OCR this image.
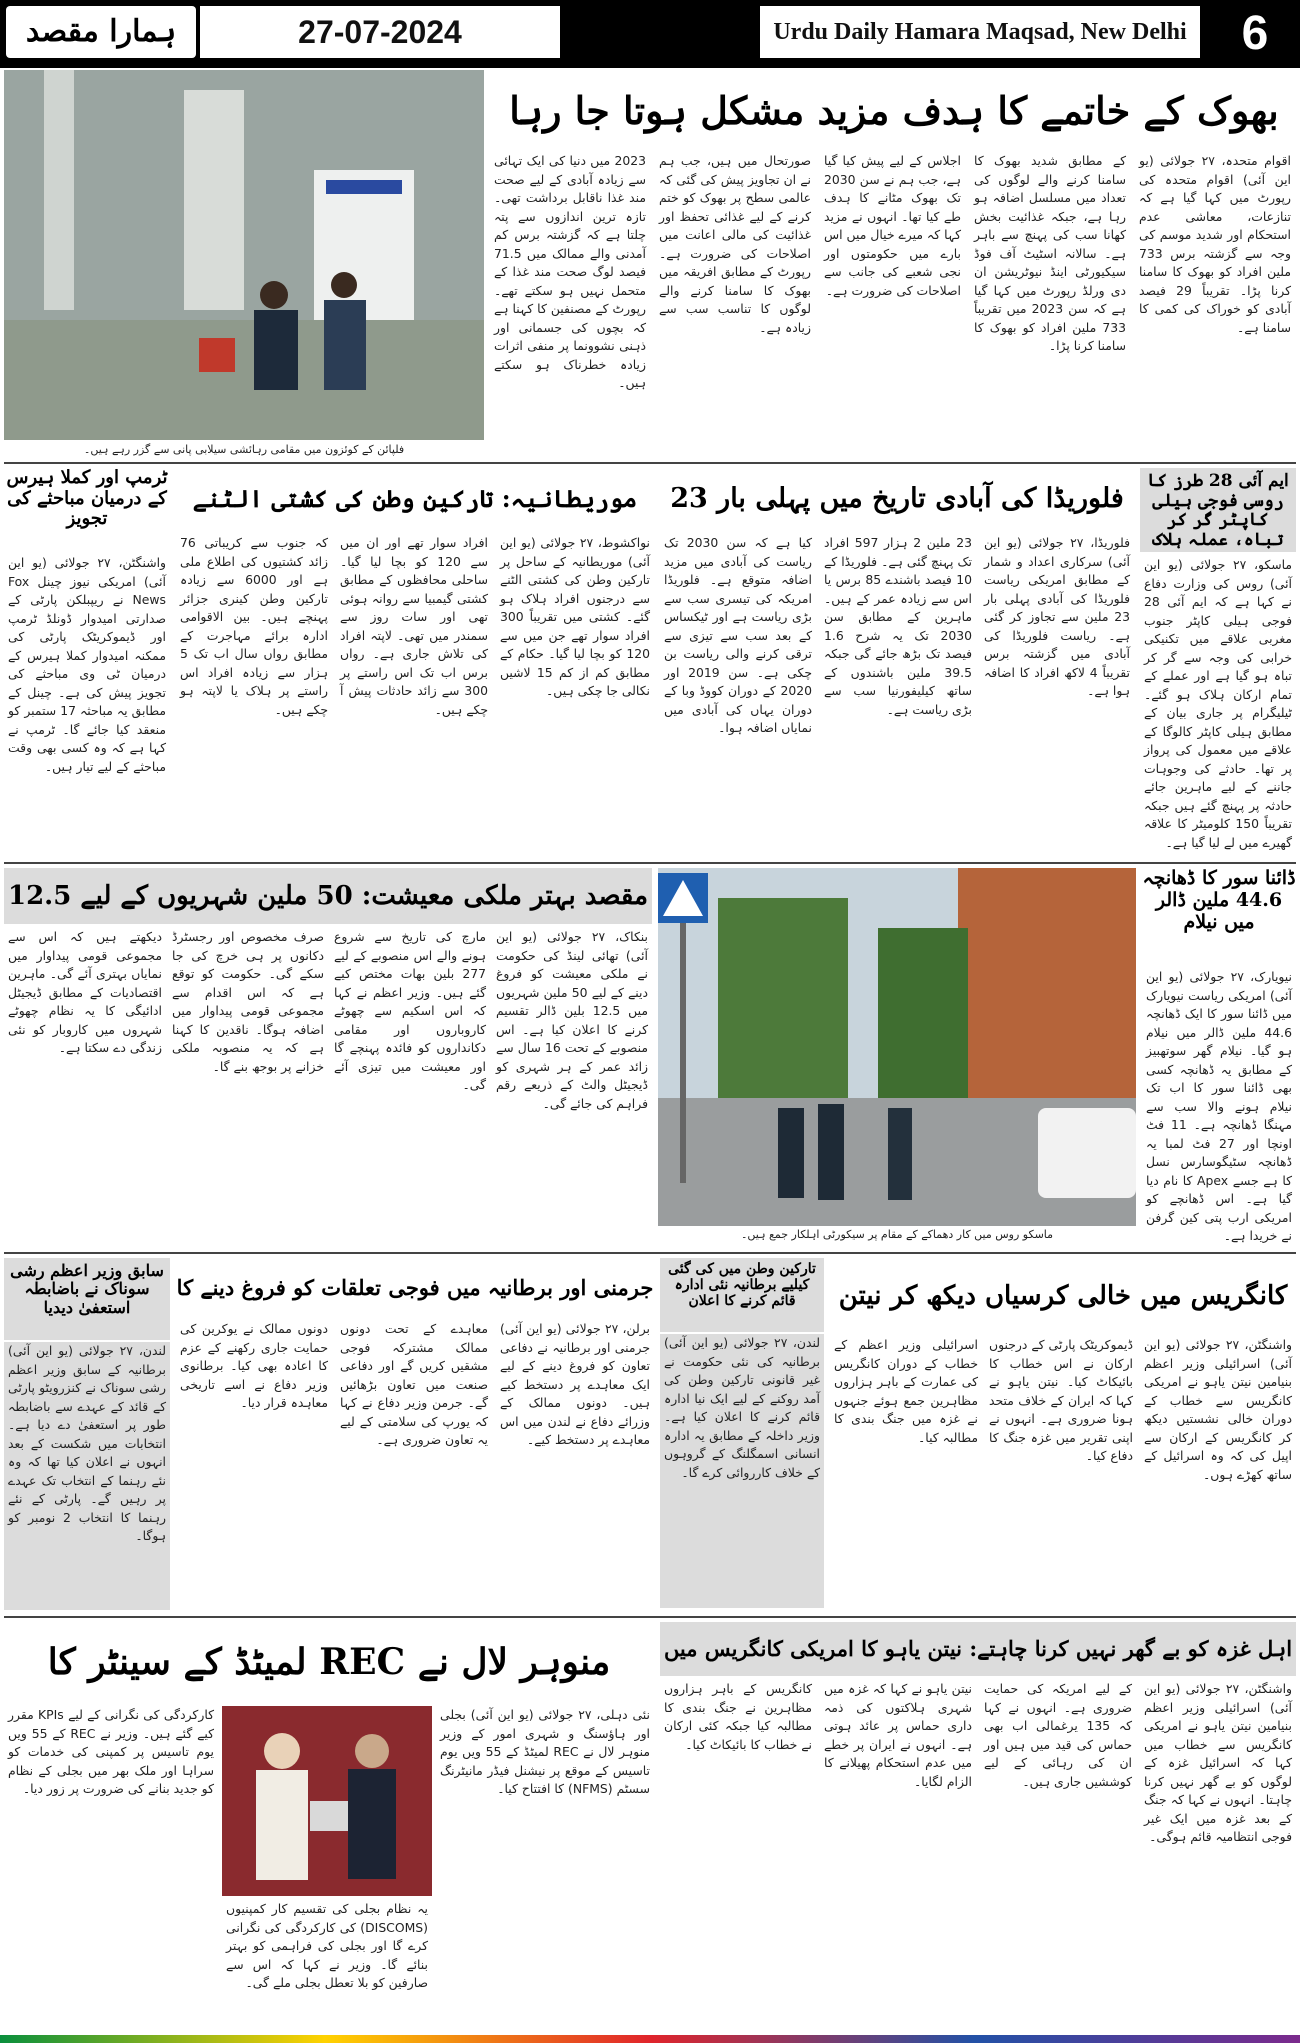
ہمارا مقصد	27-07-2024	Urdu Daily Hamara Maqsad, New Delhi	6
فلپائن کے کوئزون میں مقامی رہائشی سیلابی پانی سے گزر رہے ہیں۔
بھوک کے خاتمے کا ہدف مزید مشکل ہوتا جا رہا
اقوام متحدہ، ۲۷ جولائی (یو این آئی) اقوام متحدہ کی رپورٹ میں کہا گیا ہے کہ تنازعات، معاشی عدم استحکام اور شدید موسم کی وجہ سے گزشتہ برس 733 ملین افراد کو بھوک کا سامنا کرنا پڑا۔ تقریباً 29 فیصد آبادی کو خوراک کی کمی کا سامنا ہے۔
کے مطابق شدید بھوک کا سامنا کرنے والے لوگوں کی تعداد میں مسلسل اضافہ ہو رہا ہے، جبکہ غذائیت بخش کھانا سب کی پہنچ سے باہر ہے۔ سالانہ اسٹیٹ آف فوڈ سیکیورٹی اینڈ نیوٹریشن ان دی ورلڈ رپورٹ میں کہا گیا ہے کہ سن 2023 میں تقریباً 733 ملین افراد کو بھوک کا سامنا کرنا پڑا۔
اجلاس کے لیے پیش کیا گیا ہے، جب ہم نے سن 2030 تک بھوک مٹانے کا ہدف طے کیا تھا۔ انہوں نے مزید کہا کہ میرے خیال میں اس بارے میں حکومتوں اور نجی شعبے کی جانب سے اصلاحات کی ضرورت ہے۔
صورتحال میں ہیں، جب ہم نے ان تجاویز پیش کی گئی کہ عالمی سطح پر بھوک کو ختم کرنے کے لیے غذائی تحفظ اور غذائیت کی مالی اعانت میں اصلاحات کی ضرورت ہے۔ رپورٹ کے مطابق افریقہ میں بھوک کا سامنا کرنے والے لوگوں کا تناسب سب سے زیادہ ہے۔
2023 میں دنیا کی ایک تہائی سے زیادہ آبادی کے لیے صحت مند غذا ناقابل برداشت تھی۔ تازہ ترین اندازوں سے پتہ چلتا ہے کہ گزشتہ برس کم آمدنی والے ممالک میں 71.5 فیصد لوگ صحت مند غذا کے متحمل نہیں ہو سکتے تھے۔ رپورٹ کے مصنفین کا کہنا ہے کہ بچوں کی جسمانی اور ذہنی نشوونما پر منفی اثرات زیادہ خطرناک ہو سکتے ہیں۔
ایم آئی 28 طرز کا روسی فوجی ہیلی کاپٹر گر کر تباہ، عملہ ہلاک
ماسکو، ۲۷ جولائی (یو این آئی) روس کی وزارت دفاع نے کہا ہے کہ ایم آئی 28 فوجی ہیلی کاپٹر جنوب مغربی علاقے میں تکنیکی خرابی کی وجہ سے گر کر تباہ ہو گیا ہے اور عملے کے تمام ارکان ہلاک ہو گئے۔ ٹیلیگرام پر جاری بیان کے مطابق ہیلی کاپٹر کالوگا کے علاقے میں معمول کی پرواز پر تھا۔ حادثے کی وجوہات جاننے کے لیے ماہرین جائے حادثہ پر پہنچ گئے ہیں جبکہ تقریباً 150 کلومیٹر کا علاقہ گھیرے میں لے لیا گیا ہے۔
فلوریڈا کی آبادی تاریخ میں پہلی بار 23
فلوریڈا، ۲۷ جولائی (یو این آئی) سرکاری اعداد و شمار کے مطابق امریکی ریاست فلوریڈا کی آبادی پہلی بار 23 ملین سے تجاوز کر گئی ہے۔ ریاست فلوریڈا کی آبادی میں گزشتہ برس تقریباً 4 لاکھ افراد کا اضافہ ہوا ہے۔
23 ملین 2 ہزار 597 افراد تک پہنچ گئی ہے۔ فلوریڈا کے 10 فیصد باشندے 85 برس یا اس سے زیادہ عمر کے ہیں۔ ماہرین کے مطابق سن 2030 تک یہ شرح 1.6 فیصد تک بڑھ جائے گی جبکہ 39.5 ملین باشندوں کے ساتھ کیلیفورنیا سب سے بڑی ریاست ہے۔
کیا ہے کہ سن 2030 تک ریاست کی آبادی میں مزید اضافہ متوقع ہے۔ فلوریڈا امریکہ کی تیسری سب سے بڑی ریاست ہے اور ٹیکساس کے بعد سب سے تیزی سے ترقی کرنے والی ریاست بن چکی ہے۔ سن 2019 اور 2020 کے دوران کووڈ وبا کے دوران یہاں کی آبادی میں نمایاں اضافہ ہوا۔
موریطانیہ: تارکین وطن کی کشتی الٹنے
نواکشوط، ۲۷ جولائی (یو این آئی) موریطانیہ کے ساحل پر تارکین وطن کی کشتی الٹنے سے درجنوں افراد ہلاک ہو گئے۔ کشتی میں تقریباً 300 افراد سوار تھے جن میں سے 120 کو بچا لیا گیا۔ حکام کے مطابق کم از کم 15 لاشیں نکالی جا چکی ہیں۔
افراد سوار تھے اور ان میں سے 120 کو بچا لیا گیا۔ ساحلی محافظوں کے مطابق کشتی گیمبیا سے روانہ ہوئی تھی اور سات روز سے سمندر میں تھی۔ لاپتہ افراد کی تلاش جاری ہے۔ رواں برس اب تک اس راستے پر 300 سے زائد حادثات پیش آ چکے ہیں۔
کہ جنوب سے کریباتی 76 زائد کشتیوں کی اطلاع ملی ہے اور 6000 سے زیادہ تارکین وطن کینری جزائر پہنچے ہیں۔ بین الاقوامی ادارہ برائے مہاجرت کے مطابق رواں سال اب تک 5 ہزار سے زیادہ افراد اس راستے پر ہلاک یا لاپتہ ہو چکے ہیں۔
ٹرمپ اور کملا ہیرس کے درمیان مباحثے کی تجویز
واشنگٹن، ۲۷ جولائی (یو این آئی) امریکی نیوز چینل Fox News نے ریپبلکن پارٹی کے صدارتی امیدوار ڈونلڈ ٹرمپ اور ڈیموکریٹک پارٹی کی ممکنہ امیدوار کملا ہیرس کے درمیان ٹی وی مباحثے کی تجویز پیش کی ہے۔ چینل کے مطابق یہ مباحثہ 17 ستمبر کو منعقد کیا جائے گا۔ ٹرمپ نے کہا ہے کہ وہ کسی بھی وقت مباحثے کے لیے تیار ہیں۔
مقصد بہتر ملکی معیشت: 50 ملین شہریوں کے لیے 12.5
بنکاک، ۲۷ جولائی (یو این آئی) تھائی لینڈ کی حکومت نے ملکی معیشت کو فروغ دینے کے لیے 50 ملین شہریوں میں 12.5 بلین ڈالر تقسیم کرنے کا اعلان کیا ہے۔ اس منصوبے کے تحت 16 سال سے زائد عمر کے ہر شہری کو ڈیجیٹل والٹ کے ذریعے رقم فراہم کی جائے گی۔
مارچ کی تاریخ سے شروع ہونے والے اس منصوبے کے لیے 277 بلین بھات مختص کیے گئے ہیں۔ وزیر اعظم نے کہا کہ اس اسکیم سے چھوٹے کاروباروں اور مقامی دکانداروں کو فائدہ پہنچے گا اور معیشت میں تیزی آئے گی۔
صرف مخصوص اور رجسٹرڈ دکانوں پر ہی خرچ کی جا سکے گی۔ حکومت کو توقع ہے کہ اس اقدام سے مجموعی قومی پیداوار میں اضافہ ہوگا۔ ناقدین کا کہنا ہے کہ یہ منصوبہ ملکی خزانے پر بوجھ بنے گا۔
دیکھتے ہیں کہ اس سے مجموعی قومی پیداوار میں نمایاں بہتری آئے گی۔ ماہرین اقتصادیات کے مطابق ڈیجیٹل ادائیگی کا یہ نظام چھوٹے شہروں میں کاروبار کو نئی زندگی دے سکتا ہے۔
ماسکو روس میں کار دھماکے کے مقام پر سیکورٹی اہلکار جمع ہیں۔
ڈائنا سور کا ڈھانچہ 44.6 ملین ڈالر میں نیلام
نیویارک، ۲۷ جولائی (یو این آئی) امریکی ریاست نیویارک میں ڈائنا سور کا ایک ڈھانچہ 44.6 ملین ڈالر میں نیلام ہو گیا۔ نیلام گھر سوتھبیز کے مطابق یہ ڈھانچہ کسی بھی ڈائنا سور کا اب تک نیلام ہونے والا سب سے مہنگا ڈھانچہ ہے۔ 11 فٹ اونچا اور 27 فٹ لمبا یہ ڈھانچہ سٹیگوسارس نسل کا ہے جسے Apex کا نام دیا گیا ہے۔ اس ڈھانچے کو امریکی ارب پتی کین گرفن نے خریدا ہے۔
کانگریس میں خالی کرسیاں دیکھ کر نیتن
واشنگٹن، ۲۷ جولائی (یو این آئی) اسرائیلی وزیر اعظم بنیامین نیتن یاہو نے امریکی کانگریس سے خطاب کے دوران خالی نشستیں دیکھ کر کانگریس کے ارکان سے اپیل کی کہ وہ اسرائیل کے ساتھ کھڑے ہوں۔
ڈیموکریٹک پارٹی کے درجنوں ارکان نے اس خطاب کا بائیکاٹ کیا۔ نیتن یاہو نے کہا کہ ایران کے خلاف متحد ہونا ضروری ہے۔ انہوں نے اپنی تقریر میں غزہ جنگ کا دفاع کیا۔
اسرائیلی وزیر اعظم کے خطاب کے دوران کانگریس کی عمارت کے باہر ہزاروں مظاہرین جمع ہوئے جنہوں نے غزہ میں جنگ بندی کا مطالبہ کیا۔
تارکین وطن میں کی گئی کیلیے برطانیہ نئی ادارہ قائم کرنے کا اعلان
لندن، ۲۷ جولائی (یو این آئی) برطانیہ کی نئی حکومت نے غیر قانونی تارکین وطن کی آمد روکنے کے لیے ایک نیا ادارہ قائم کرنے کا اعلان کیا ہے۔ وزیر داخلہ کے مطابق یہ ادارہ انسانی اسمگلنگ کے گروہوں کے خلاف کارروائی کرے گا۔
جرمنی اور برطانیہ میں فوجی تعلقات کو فروغ دینے کا
برلن، ۲۷ جولائی (یو این آئی) جرمنی اور برطانیہ نے دفاعی تعاون کو فروغ دینے کے لیے ایک معاہدے پر دستخط کیے ہیں۔ دونوں ممالک کے وزرائے دفاع نے لندن میں اس معاہدے پر دستخط کیے۔
معاہدے کے تحت دونوں ممالک مشترکہ فوجی مشقیں کریں گے اور دفاعی صنعت میں تعاون بڑھائیں گے۔ جرمن وزیر دفاع نے کہا کہ یورپ کی سلامتی کے لیے یہ تعاون ضروری ہے۔
دونوں ممالک نے یوکرین کی حمایت جاری رکھنے کے عزم کا اعادہ بھی کیا۔ برطانوی وزیر دفاع نے اسے تاریخی معاہدہ قرار دیا۔
سابق وزیر اعظم رشی سوناک نے باضابطہ استعفیٰ دیدیا
لندن، ۲۷ جولائی (یو این آئی) برطانیہ کے سابق وزیر اعظم رشی سوناک نے کنزرویٹو پارٹی کے قائد کے عہدے سے باضابطہ طور پر استعفیٰ دے دیا ہے۔ انتخابات میں شکست کے بعد انہوں نے اعلان کیا تھا کہ وہ نئے رہنما کے انتخاب تک عہدے پر رہیں گے۔ پارٹی کے نئے رہنما کا انتخاب 2 نومبر کو ہوگا۔
اہل غزہ کو بے گھر نہیں کرنا چاہتے: نیتن یاہو کا امریکی کانگریس میں
واشنگٹن، ۲۷ جولائی (یو این آئی) اسرائیلی وزیر اعظم بنیامین نیتن یاہو نے امریکی کانگریس سے خطاب میں کہا کہ اسرائیل غزہ کے لوگوں کو بے گھر نہیں کرنا چاہتا۔ انہوں نے کہا کہ جنگ کے بعد غزہ میں ایک غیر فوجی انتظامیہ قائم ہوگی۔
کے لیے امریکہ کی حمایت ضروری ہے۔ انہوں نے کہا کہ 135 یرغمالی اب بھی حماس کی قید میں ہیں اور ان کی رہائی کے لیے کوششیں جاری ہیں۔
نیتن یاہو نے کہا کہ غزہ میں شہری ہلاکتوں کی ذمہ داری حماس پر عائد ہوتی ہے۔ انہوں نے ایران پر خطے میں عدم استحکام پھیلانے کا الزام لگایا۔
کانگریس کے باہر ہزاروں مظاہرین نے جنگ بندی کا مطالبہ کیا جبکہ کئی ارکان نے خطاب کا بائیکاٹ کیا۔
منوہر لال نے REC لمیٹڈ کے سینٹر کا
نئی دہلی، ۲۷ جولائی (یو این آئی) بجلی اور ہاؤسنگ و شہری امور کے وزیر منوہر لال نے REC لمیٹڈ کے 55 ویں یوم تاسیس کے موقع پر نیشنل فیڈر مانیٹرنگ سسٹم (NFMS) کا افتتاح کیا۔
یہ نظام بجلی کی تقسیم کار کمپنیوں (DISCOMS) کی کارکردگی کی نگرانی کرے گا اور بجلی کی فراہمی کو بہتر بنائے گا۔ وزیر نے کہا کہ اس سے صارفین کو بلا تعطل بجلی ملے گی۔
کارکردگی کی نگرانی کے لیے KPIs مقرر کیے گئے ہیں۔ وزیر نے REC کے 55 ویں یوم تاسیس پر کمپنی کی خدمات کو سراہا اور ملک بھر میں بجلی کے نظام کو جدید بنانے کی ضرورت پر زور دیا۔
